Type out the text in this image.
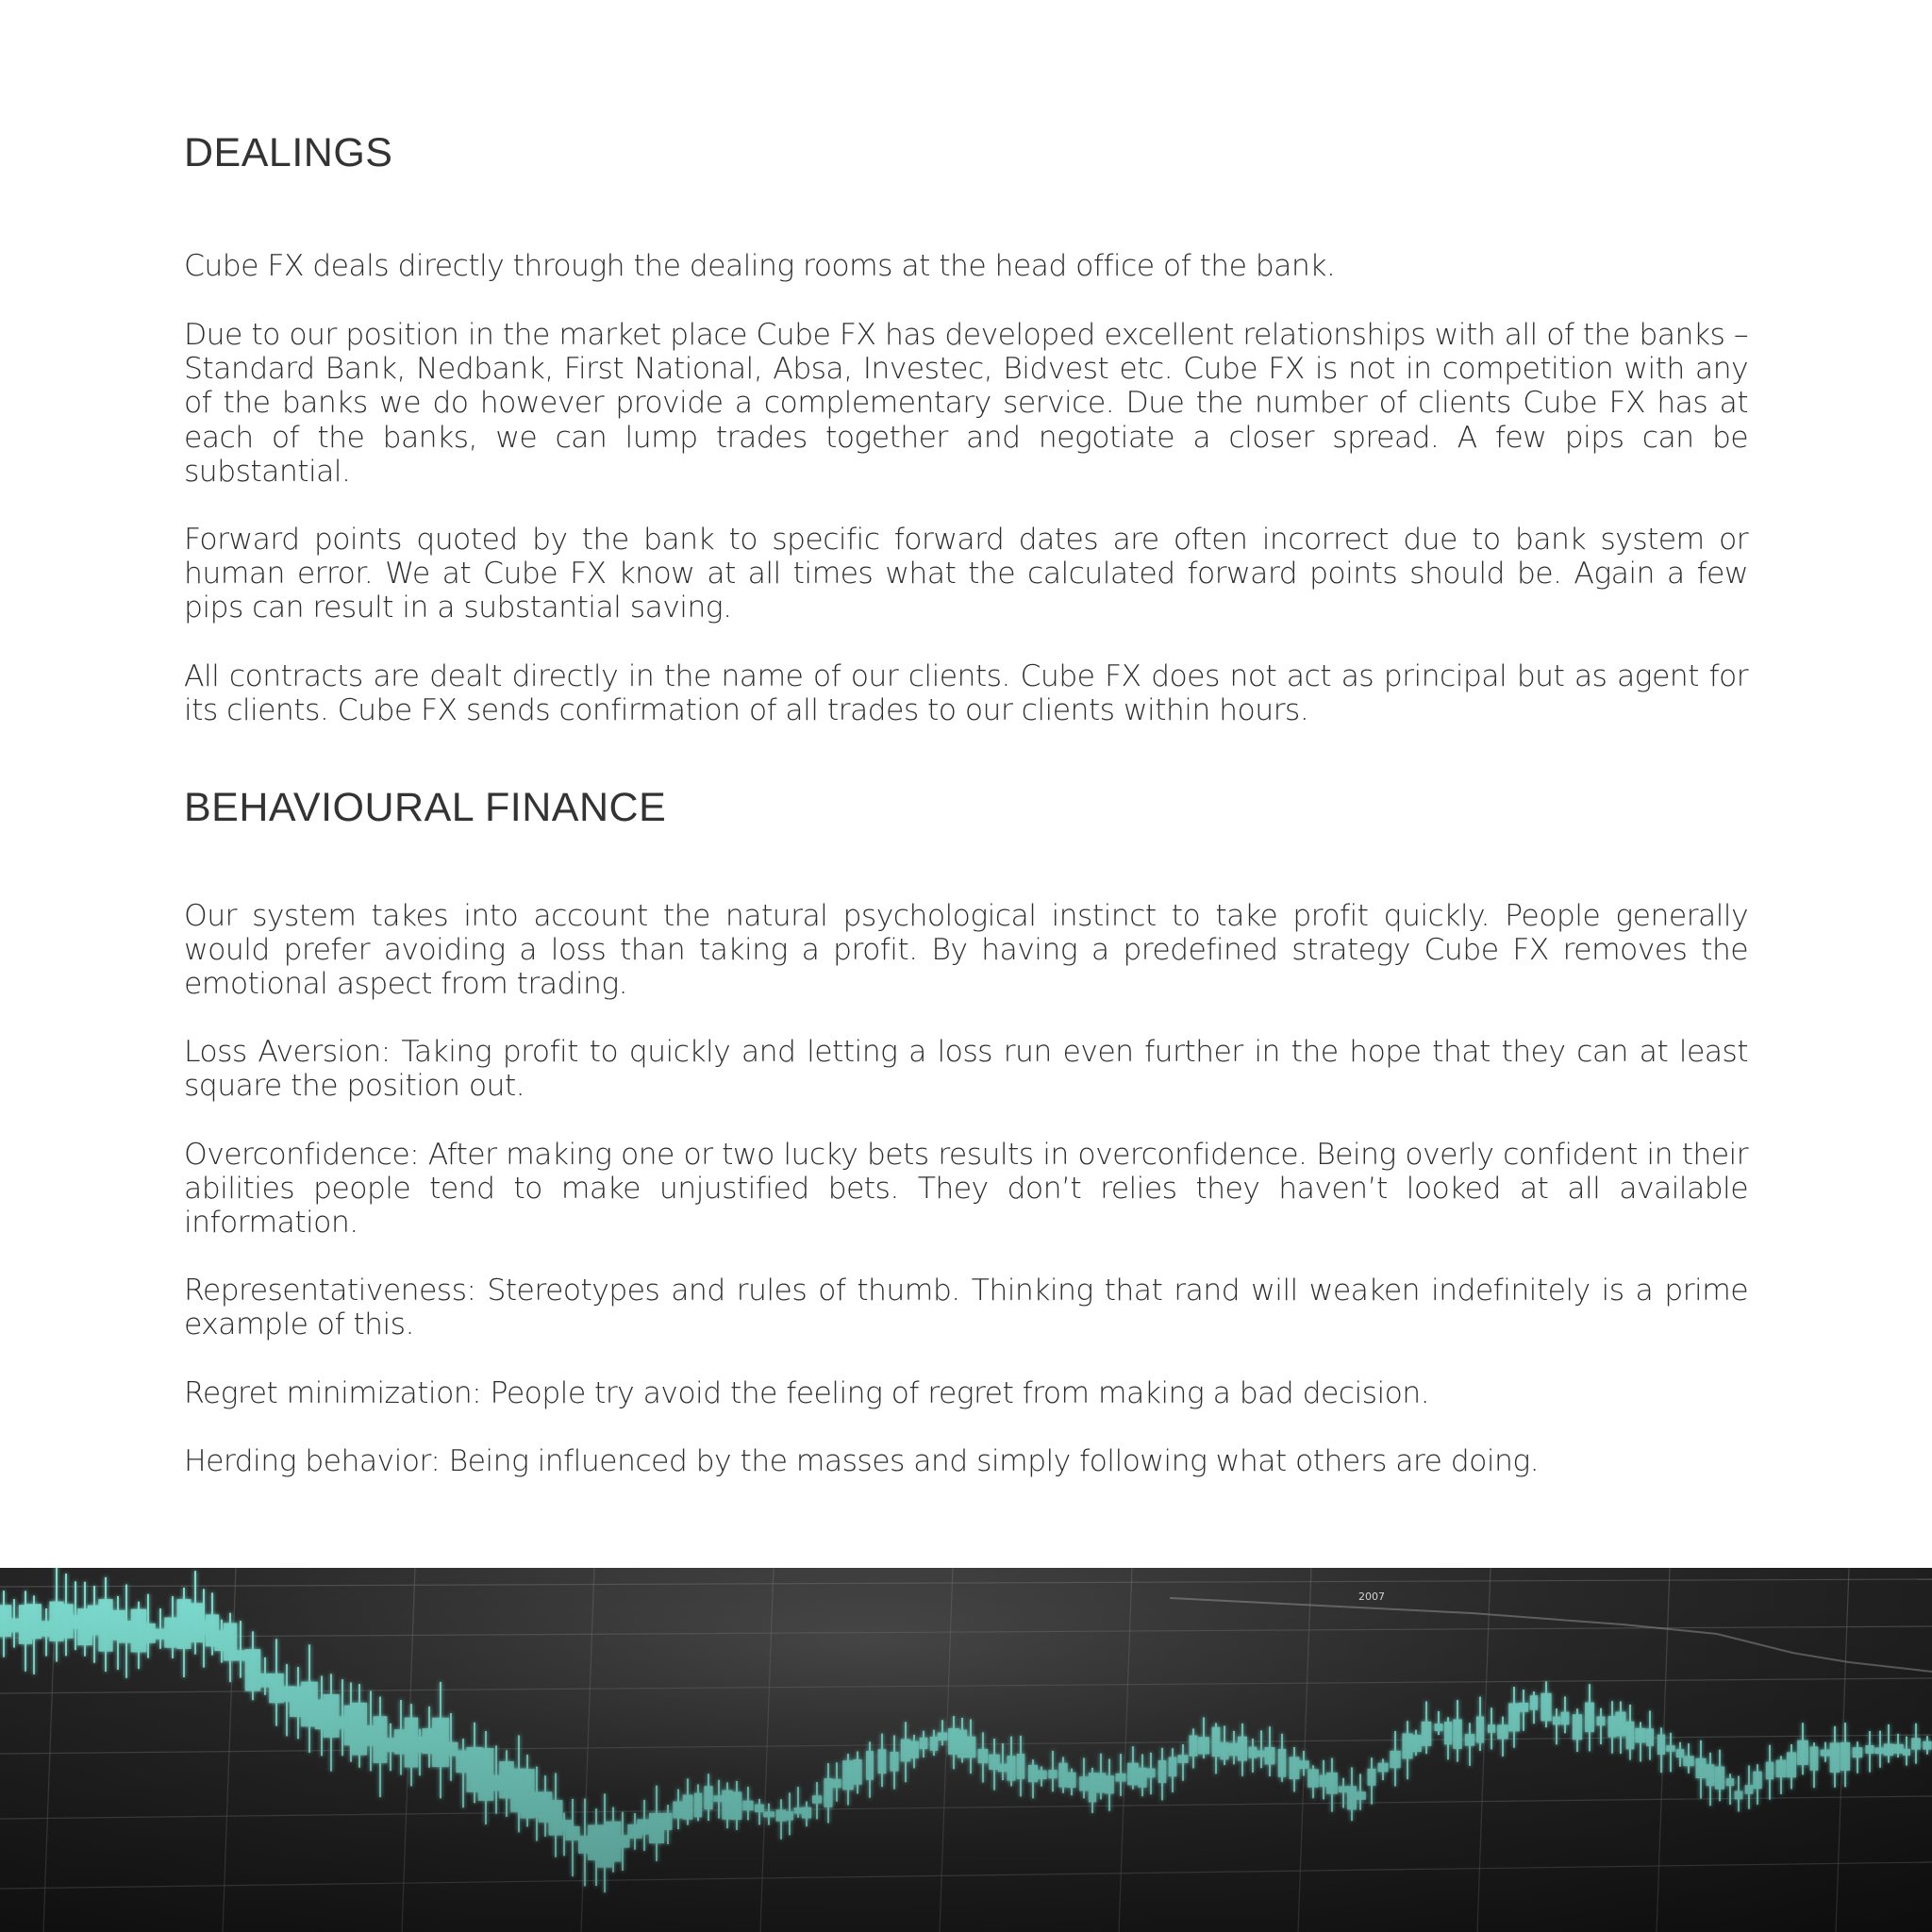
DEALINGS

Cube FX deals directly through the dealing rooms at the head office of the bank.

Due to our position in the market place Cube FX has developed excellent relationships with all of the banks – Standard Bank, Nedbank, First National, Absa, Investec, Bidvest etc. Cube FX is not in competition with any of the banks we do however provide a complementary service. Due the number of clients Cube FX has at each of the banks, we can lump trades together and negotiate a closer spread. A few pips can be substantial.

Forward points quoted by the bank to specific forward dates are often incorrect due to bank system or human error. We at Cube FX know at all times what the calculated forward points should be. Again a few pips can result in a substantial saving.

All contracts are dealt directly in the name of our clients. Cube FX does not act as principal but as agent for its clients. Cube FX sends confirmation of all trades to our clients within hours.

BEHAVIOURAL FINANCE

Our system takes into account the natural psychological instinct to take profit quickly. People generally would prefer avoiding a loss than taking a profit. By having a predefined strategy Cube FX removes the emotional aspect from trading.

Loss Aversion: Taking profit to quickly and letting a loss run even further in the hope that they can at least square the position out.

Overconfidence: After making one or two lucky bets results in overconfidence. Being overly confident in their abilities people tend to make unjustified bets. They don’t relies they haven’t looked at all available information.

Representativeness: Stereotypes and rules of thumb. Thinking that rand will weaken indefinitely is a prime example of this.

Regret minimization: People try avoid the feeling of regret from making a bad decision.

Herding behavior: Being influenced by the masses and simply following what others are doing.
